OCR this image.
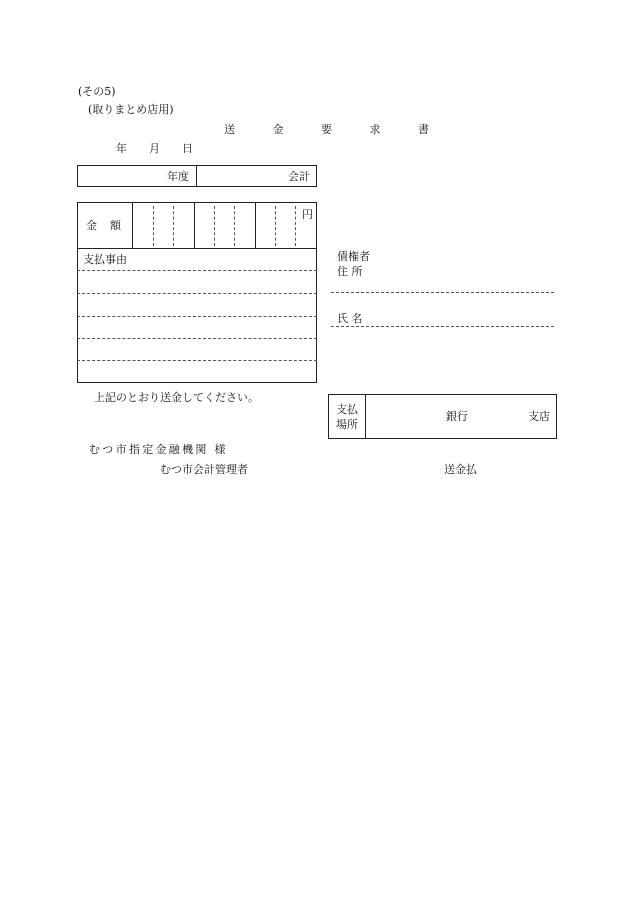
(その5)
(取りまとめ店用)
送	金	要	求	書
年 月 日
年度	会計
金 額
円
支払事由	債権者
住 所
氏 名
上記のとおり送金してください。
支払
場所
銀行	支店
むつ市指定金融機関 様
むつ市会計管理者	送金払
